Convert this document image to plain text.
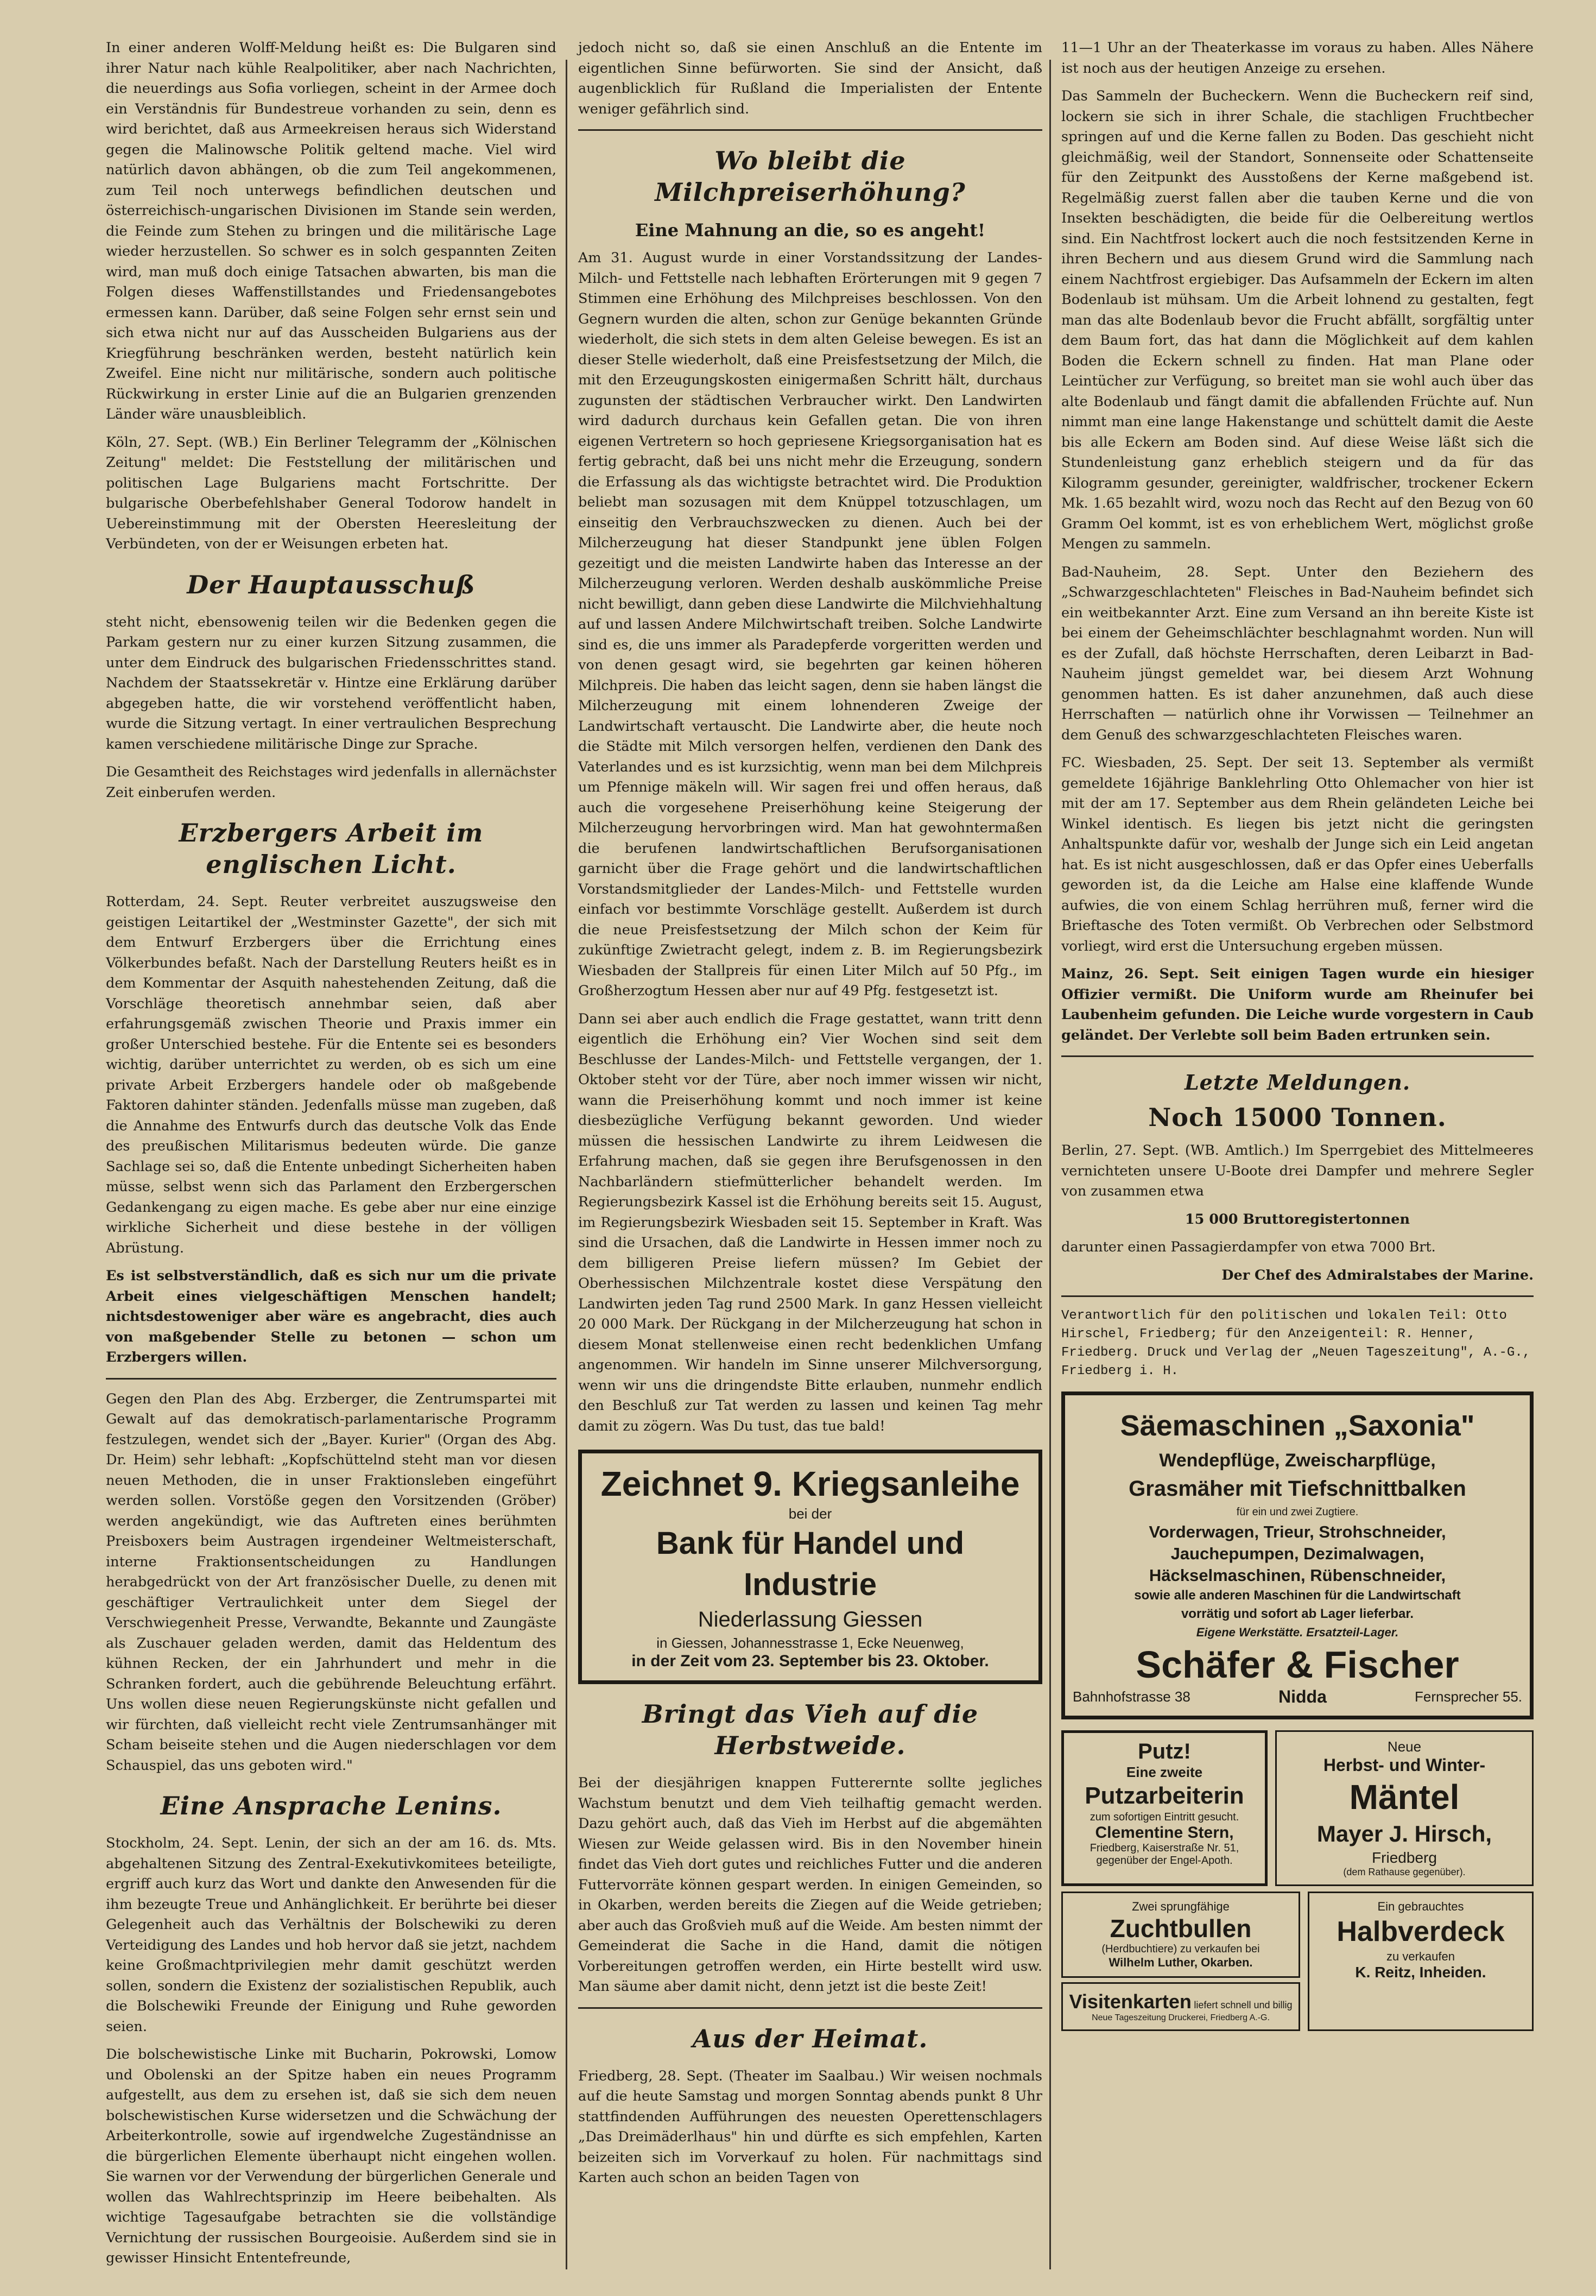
In einer anderen Wolff-Meldung heißt es: Die Bulgaren sind ihrer Natur nach kühle Realpolitiker, aber nach Nachrichten, die neuerdings aus Sofia vorliegen, scheint in der Armee doch ein Verständnis für Bundestreue vorhanden zu sein, denn es wird berichtet, daß aus Armeekreisen heraus sich Widerstand gegen die Malinowsche Politik geltend mache. Viel wird natürlich davon abhängen, ob die zum Teil angekommenen, zum Teil noch unterwegs befindlichen deutschen und österreichisch-ungarischen Divisionen im Stande sein werden, die Feinde zum Stehen zu bringen und die militärische Lage wieder herzustellen. So schwer es in solch gespannten Zeiten wird, man muß doch einige Tatsachen abwarten, bis man die Folgen dieses Waffenstillstandes und Friedensangebotes ermessen kann. Darüber, daß seine Folgen sehr ernst sein und sich etwa nicht nur auf das Ausscheiden Bulgariens aus der Kriegführung beschränken werden, besteht natürlich kein Zweifel. Eine nicht nur militärische, sondern auch politische Rückwirkung in erster Linie auf die an Bulgarien grenzenden Länder wäre unausbleiblich.

Köln, 27. Sept. (WB.) Ein Berliner Telegramm der „Kölnischen Zeitung" meldet: Die Feststellung der militärischen und politischen Lage Bulgariens macht Fortschritte. Der bulgarische Oberbefehlshaber General Todorow handelt in Uebereinstimmung mit der Obersten Heeresleitung der Verbündeten, von der er Weisungen erbeten hat.

Der Hauptausschuß

steht nicht, ebensowenig teilen wir die Bedenken gegen die Parkam gestern nur zu einer kurzen Sitzung zusammen, die unter dem Eindruck des bulgarischen Friedensschrittes stand. Nachdem der Staatssekretär v. Hintze eine Erklärung darüber abgegeben hatte, die wir vorstehend veröffentlicht haben, wurde die Sitzung vertagt. In einer vertraulichen Besprechung kamen verschiedene militärische Dinge zur Sprache.

Die Gesamtheit des Reichstages wird jedenfalls in allernächster Zeit einberufen werden.

Erzbergers Arbeit im englischen Licht.

Rotterdam, 24. Sept. Reuter verbreitet auszugsweise den geistigen Leitartikel der „Westminster Gazette", der sich mit dem Entwurf Erzbergers über die Errichtung eines Völkerbundes befaßt. Nach der Darstellung Reuters heißt es in dem Kommentar der Asquith nahestehenden Zeitung, daß die Vorschläge theoretisch annehmbar seien, daß aber erfahrungsgemäß zwischen Theorie und Praxis immer ein großer Unterschied bestehe. Für die Entente sei es besonders wichtig, darüber unterrichtet zu werden, ob es sich um eine private Arbeit Erzbergers handele oder ob maßgebende Faktoren dahinter ständen. Jedenfalls müsse man zugeben, daß die Annahme des Entwurfs durch das deutsche Volk das Ende des preußischen Militarismus bedeuten würde. Die ganze Sachlage sei so, daß die Entente unbedingt Sicherheiten haben müsse, selbst wenn sich das Parlament den Erzbergerschen Gedankengang zu eigen mache. Es gebe aber nur eine einzige wirkliche Sicherheit und diese bestehe in der völligen Abrüstung.

Es ist selbstverständlich, daß es sich nur um die private Arbeit eines vielgeschäftigen Menschen handelt; nichtsdestoweniger aber wäre es angebracht, dies auch von maßgebender Stelle zu betonen — schon um Erzbergers willen.

Gegen den Plan des Abg. Erzberger, die Zentrumspartei mit Gewalt auf das demokratisch-parlamentarische Programm festzulegen, wendet sich der „Bayer. Kurier" (Organ des Abg. Dr. Heim) sehr lebhaft: „Kopfschüttelnd steht man vor diesen neuen Methoden, die in unser Fraktionsleben eingeführt werden sollen. Vorstöße gegen den Vorsitzenden (Gröber) werden angekündigt, wie das Auftreten eines berühmten Preisboxers beim Austragen irgendeiner Weltmeisterschaft, interne Fraktionsentscheidungen zu Handlungen herabgedrückt von der Art französischer Duelle, zu denen mit geschäftiger Vertraulichkeit unter dem Siegel der Verschwiegenheit Presse, Verwandte, Bekannte und Zaungäste als Zuschauer geladen werden, damit das Heldentum des kühnen Recken, der ein Jahrhundert und mehr in die Schranken fordert, auch die gebührende Beleuchtung erfährt. Uns wollen diese neuen Regierungskünste nicht gefallen und wir fürchten, daß vielleicht recht viele Zentrumsanhänger mit Scham beiseite stehen und die Augen niederschlagen vor dem Schauspiel, das uns geboten wird."

Eine Ansprache Lenins.

Stockholm, 24. Sept. Lenin, der sich an der am 16. ds. Mts. abgehaltenen Sitzung des Zentral-Exekutivkomitees beteiligte, ergriff auch kurz das Wort und dankte den Anwesenden für die ihm bezeugte Treue und Anhänglichkeit. Er berührte bei dieser Gelegenheit auch das Verhältnis der Bolschewiki zu deren Verteidigung des Landes und hob hervor daß sie jetzt, nachdem keine Großmachtprivilegien mehr damit geschützt werden sollen, sondern die Existenz der sozialistischen Republik, auch die Bolschewiki Freunde der Einigung und Ruhe geworden seien.

Die bolschewistische Linke mit Bucharin, Pokrowski, Lomow und Obolenski an der Spitze haben ein neues Programm aufgestellt, aus dem zu ersehen ist, daß sie sich dem neuen bolschewistischen Kurse widersetzen und die Schwächung der Arbeiterkontrolle, sowie auf irgendwelche Zugeständnisse an die bürgerlichen Elemente überhaupt nicht eingehen wollen. Sie warnen vor der Verwendung der bürgerlichen Generale und wollen das Wahlrechtsprinzip im Heere beibehalten. Als wichtige Tagesaufgabe betrachten sie die vollständige Vernichtung der russischen Bourgeoisie. Außerdem sind sie in gewisser Hinsicht Ententefreunde,

jedoch nicht so, daß sie einen Anschluß an die Entente im eigentlichen Sinne befürworten. Sie sind der Ansicht, daß augenblicklich für Rußland die Imperialisten der Entente weniger gefährlich sind.

Wo bleibt die Milchpreiserhöhung?
Eine Mahnung an die, so es angeht!

Am 31. August wurde in einer Vorstandssitzung der Landes-Milch- und Fettstelle nach lebhaften Erörterungen mit 9 gegen 7 Stimmen eine Erhöhung des Milchpreises beschlossen. Von den Gegnern wurden die alten, schon zur Genüge bekannten Gründe wiederholt, die sich stets in dem alten Geleise bewegen. Es ist an dieser Stelle wiederholt, daß eine Preisfestsetzung der Milch, die mit den Erzeugungskosten einigermaßen Schritt hält, durchaus zugunsten der städtischen Verbraucher wirkt. Den Landwirten wird dadurch durchaus kein Gefallen getan. Die von ihren eigenen Vertretern so hoch gepriesene Kriegsorganisation hat es fertig gebracht, daß bei uns nicht mehr die Erzeugung, sondern die Erfassung als das wichtigste betrachtet wird. Die Produktion beliebt man sozusagen mit dem Knüppel totzuschlagen, um einseitig den Verbrauchszwecken zu dienen. Auch bei der Milcherzeugung hat dieser Standpunkt jene üblen Folgen gezeitigt und die meisten Landwirte haben das Interesse an der Milcherzeugung verloren. Werden deshalb auskömmliche Preise nicht bewilligt, dann geben diese Landwirte die Milchviehhaltung auf und lassen Andere Milchwirtschaft treiben. Solche Landwirte sind es, die uns immer als Paradepferde vorgeritten werden und von denen gesagt wird, sie begehrten gar keinen höheren Milchpreis. Die haben das leicht sagen, denn sie haben längst die Milcherzeugung mit einem lohnenderen Zweige der Landwirtschaft vertauscht. Die Landwirte aber, die heute noch die Städte mit Milch versorgen helfen, verdienen den Dank des Vaterlandes und es ist kurzsichtig, wenn man bei dem Milchpreis um Pfennige mäkeln will. Wir sagen frei und offen heraus, daß auch die vorgesehene Preiserhöhung keine Steigerung der Milcherzeugung hervorbringen wird. Man hat gewohntermaßen die berufenen landwirtschaftlichen Berufsorganisationen garnicht über die Frage gehört und die landwirtschaftlichen Vorstandsmitglieder der Landes-Milch- und Fettstelle wurden einfach vor bestimmte Vorschläge gestellt. Außerdem ist durch die neue Preisfestsetzung der Milch schon der Keim für zukünftige Zwietracht gelegt, indem z. B. im Regierungsbezirk Wiesbaden der Stallpreis für einen Liter Milch auf 50 Pfg., im Großherzogtum Hessen aber nur auf 49 Pfg. festgesetzt ist.

Dann sei aber auch endlich die Frage gestattet, wann tritt denn eigentlich die Erhöhung ein? Vier Wochen sind seit dem Beschlusse der Landes-Milch- und Fettstelle vergangen, der 1. Oktober steht vor der Türe, aber noch immer wissen wir nicht, wann die Preiserhöhung kommt und noch immer ist keine diesbezügliche Verfügung bekannt geworden. Und wieder müssen die hessischen Landwirte zu ihrem Leidwesen die Erfahrung machen, daß sie gegen ihre Berufsgenossen in den Nachbarländern stiefmütterlicher behandelt werden. Im Regierungsbezirk Kassel ist die Erhöhung bereits seit 15. August, im Regierungsbezirk Wiesbaden seit 15. September in Kraft. Was sind die Ursachen, daß die Landwirte in Hessen immer noch zu dem billigeren Preise liefern müssen? Im Gebiet der Oberhessischen Milchzentrale kostet diese Verspätung den Landwirten jeden Tag rund 2500 Mark. In ganz Hessen vielleicht 20 000 Mark. Der Rückgang in der Milcherzeugung hat schon in diesem Monat stellenweise einen recht bedenklichen Umfang angenommen. Wir handeln im Sinne unserer Milchversorgung, wenn wir uns die dringendste Bitte erlauben, nunmehr endlich den Beschluß zur Tat werden zu lassen und keinen Tag mehr damit zu zögern. Was Du tust, das tue bald!

Zeichnet 9. Kriegsanleihe
bei der
Bank für Handel und Industrie
Niederlassung Giessen
in Giessen, Johannesstrasse 1, Ecke Neuenweg,
in der Zeit vom 23. September bis 23. Oktober.
Bringt das Vieh auf die Herbstweide.

Bei der diesjährigen knappen Futterernte sollte jegliches Wachstum benutzt und dem Vieh teilhaftig gemacht werden. Dazu gehört auch, daß das Vieh im Herbst auf die abgemähten Wiesen zur Weide gelassen wird. Bis in den November hinein findet das Vieh dort gutes und reichliches Futter und die anderen Futtervorräte können gespart werden. In einigen Gemeinden, so in Okarben, werden bereits die Ziegen auf die Weide getrieben; aber auch das Großvieh muß auf die Weide. Am besten nimmt der Gemeinderat die Sache in die Hand, damit die nötigen Vorbereitungen getroffen werden, ein Hirte bestellt wird usw. Man säume aber damit nicht, denn jetzt ist die beste Zeit!

Aus der Heimat.

Friedberg, 28. Sept. (Theater im Saalbau.) Wir weisen nochmals auf die heute Samstag und morgen Sonntag abends punkt 8 Uhr stattfindenden Aufführungen des neuesten Operettenschlagers „Das Dreimäderlhaus" hin und dürfte es sich empfehlen, Karten beizeiten sich im Vorverkauf zu holen. Für nachmittags sind Karten auch schon an beiden Tagen von

11—1 Uhr an der Theaterkasse im voraus zu haben. Alles Nähere ist noch aus der heutigen Anzeige zu ersehen.

Das Sammeln der Bucheckern. Wenn die Bucheckern reif sind, lockern sie sich in ihrer Schale, die stachligen Fruchtbecher springen auf und die Kerne fallen zu Boden. Das geschieht nicht gleichmäßig, weil der Standort, Sonnenseite oder Schattenseite für den Zeitpunkt des Ausstoßens der Kerne maßgebend ist. Regelmäßig zuerst fallen aber die tauben Kerne und die von Insekten beschädigten, die beide für die Oelbereitung wertlos sind. Ein Nachtfrost lockert auch die noch festsitzenden Kerne in ihren Bechern und aus diesem Grund wird die Sammlung nach einem Nachtfrost ergiebiger. Das Aufsammeln der Eckern im alten Bodenlaub ist mühsam. Um die Arbeit lohnend zu gestalten, fegt man das alte Bodenlaub bevor die Frucht abfällt, sorgfältig unter dem Baum fort, das hat dann die Möglichkeit auf dem kahlen Boden die Eckern schnell zu finden. Hat man Plane oder Leintücher zur Verfügung, so breitet man sie wohl auch über das alte Bodenlaub und fängt damit die abfallenden Früchte auf. Nun nimmt man eine lange Hakenstange und schüttelt damit die Aeste bis alle Eckern am Boden sind. Auf diese Weise läßt sich die Stundenleistung ganz erheblich steigern und da für das Kilogramm gesunder, gereinigter, waldfrischer, trockener Eckern Mk. 1.65 bezahlt wird, wozu noch das Recht auf den Bezug von 60 Gramm Oel kommt, ist es von erheblichem Wert, möglichst große Mengen zu sammeln.

Bad-Nauheim, 28. Sept. Unter den Beziehern des „Schwarzgeschlachteten" Fleisches in Bad-Nauheim befindet sich ein weitbekannter Arzt. Eine zum Versand an ihn bereite Kiste ist bei einem der Geheimschlächter beschlagnahmt worden. Nun will es der Zufall, daß höchste Herrschaften, deren Leibarzt in Bad-Nauheim jüngst gemeldet war, bei diesem Arzt Wohnung genommen hatten. Es ist daher anzunehmen, daß auch diese Herrschaften — natürlich ohne ihr Vorwissen — Teilnehmer an dem Genuß des schwarzgeschlachteten Fleisches waren.

FC. Wiesbaden, 25. Sept. Der seit 13. September als vermißt gemeldete 16jährige Banklehrling Otto Ohlemacher von hier ist mit der am 17. September aus dem Rhein geländeten Leiche bei Winkel identisch. Es liegen bis jetzt nicht die geringsten Anhaltspunkte dafür vor, weshalb der Junge sich ein Leid angetan hat. Es ist nicht ausgeschlossen, daß er das Opfer eines Ueberfalls geworden ist, da die Leiche am Halse eine klaffende Wunde aufwies, die von einem Schlag herrühren muß, ferner wird die Brieftasche des Toten vermißt. Ob Verbrechen oder Selbstmord vorliegt, wird erst die Untersuchung ergeben müssen.

Mainz, 26. Sept. Seit einigen Tagen wurde ein hiesiger Offizier vermißt. Die Uniform wurde am Rheinufer bei Laubenheim gefunden. Die Leiche wurde vorgestern in Caub geländet. Der Verlebte soll beim Baden ertrunken sein.

Letzte Meldungen.
Noch 15000 Tonnen.

Berlin, 27. Sept. (WB. Amtlich.) Im Sperrgebiet des Mittelmeeres vernichteten unsere U-Boote drei Dampfer und mehrere Segler von zusammen etwa

15 000 Bruttoregistertonnen

darunter einen Passagierdampfer von etwa 7000 Brt.

Der Chef des Admiralstabes der Marine.

Verantwortlich für den politischen und lokalen Teil: Otto Hirschel, Friedberg; für den Anzeigenteil: R. Henner, Friedberg. Druck und Verlag der „Neuen Tageszeitung", A.-G., Friedberg i. H.
Säemaschinen „Saxonia"
Wendepflüge, Zweischarpflüge,
Grasmäher mit Tiefschnittbalken
für ein und zwei Zugtiere.
Vorderwagen, Trieur, Strohschneider,
Jauchepumpen, Dezimalwagen,
Häckselmaschinen, Rübenschneider,
sowie alle anderen Maschinen für die Landwirtschaft
vorrätig und sofort ab Lager lieferbar.
Eigene Werkstätte. Ersatzteil-Lager.
Schäfer & Fischer
Bahnhofstrasse 38	Nidda	Fernsprecher 55.
Putz!
Eine zweite
Putzarbeiterin
zum sofortigen Eintritt gesucht.
Clementine Stern,
Friedberg, Kaiserstraße Nr. 51, gegenüber der Engel-Apoth.
Neue
Herbst- und Winter-
Mäntel
Mayer J. Hirsch,
Friedberg
(dem Rathause gegenüber).
Zwei sprungfähige
Zuchtbullen
(Herdbuchtiere) zu verkaufen bei
Wilhelm Luther, Okarben.
Visitenkarten liefert schnell und billig
Neue Tageszeitung Druckerei, Friedberg A.-G.
Ein gebrauchtes
Halbverdeck
zu verkaufen
K. Reitz, Inheiden.
